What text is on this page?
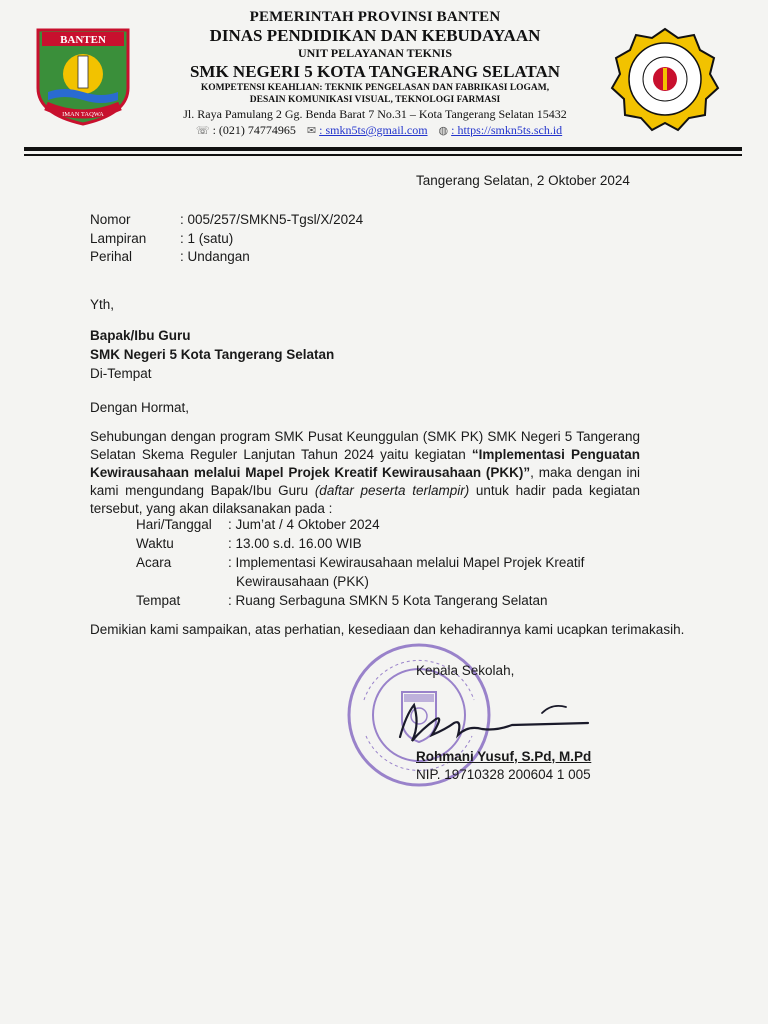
BANTEN
IMAN TAQWA
PEMERINTAH PROVINSI BANTEN
DINAS PENDIDIKAN DAN KEBUDAYAAN
UNIT PELAYANAN TEKNIS
SMK NEGERI 5 KOTA TANGERANG SELATAN
KOMPETENSI KEAHLIAN: TEKNIK PENGELASAN DAN FABRIKASI LOGAM,
DESAIN KOMUNIKASI VISUAL, TEKNOLOGI FARMASI
Jl. Raya Pamulang 2 Gg. Benda Barat 7 No.31 – Kota Tangerang Selatan 15432
☏ : (021) 74774965 ✉ : smkn5ts@gmail.com ◍ : https://smkn5ts.sch.id
Tangerang Selatan, 2 Oktober 2024
Nomor	: 005/257/SMKN5-Tgsl/X/2024
Lampiran : 1 (satu)
Perihal	: Undangan
Yth,
Bapak/Ibu Guru
SMK Negeri 5 Kota Tangerang Selatan
Di-Tempat
Dengan Hormat,

Sehubungan dengan program SMK Pusat Keunggulan (SMK PK) SMK Negeri 5 Tangerang Selatan Skema Reguler Lanjutan Tahun 2024 yaitu kegiatan “Implementasi Penguatan Kewirausahaan melalui Mapel Projek Kreatif Kewirausahaan (PKK)”, maka dengan ini kami mengundang Bapak/Ibu Guru (daftar peserta terlampir) untuk hadir pada kegiatan tersebut, yang akan dilaksanakan pada :

Hari/Tanggal : Jum’at / 4 Oktober 2024
Waktu	: 13.00 s.d. 16.00 WIB
Acara	: Implementasi Kewirausahaan melalui Mapel Projek Kreatif
Kewirausahaan (PKK)
Tempat	: Ruang Serbaguna SMKN 5 Kota Tangerang Selatan
Demikian kami sampaikan, atas perhatian, kesediaan dan kehadirannya kami ucapkan terimakasih.
Kepala Sekolah,
Rohmani Yusuf, S.Pd, M.Pd
NIP. 19710328 200604 1 005
